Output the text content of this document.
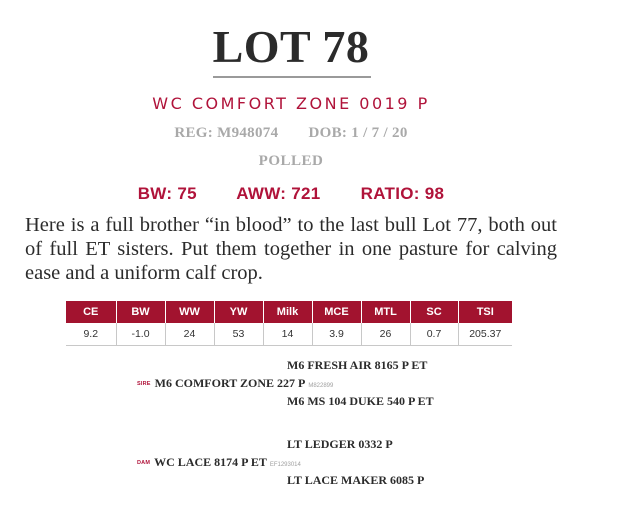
LOT 78
WC COMFORT ZONE 0019 P
REG: M948074 DOB: 1 / 7 / 20
POLLED
BW: 75 AWW: 721 RATIO: 98
Here is a full brother “in blood” to the last bull Lot 77, both out of full ET sisters. Put them together in one pasture for calving ease and a uniform calf crop.
CE	BW	WW	YW	Milk	MCE	MTL	SC	TSI
9.2	-1.0	24	53	14	3.9	26	0.7	205.37
M6 FRESH AIR 8165 P ET
SIRE M6 COMFORT ZONE 227 P M822899
M6 MS 104 DUKE 540 P ET
LT LEDGER 0332 P
DAM WC LACE 8174 P ET EF1293014
LT LACE MAKER 6085 P
